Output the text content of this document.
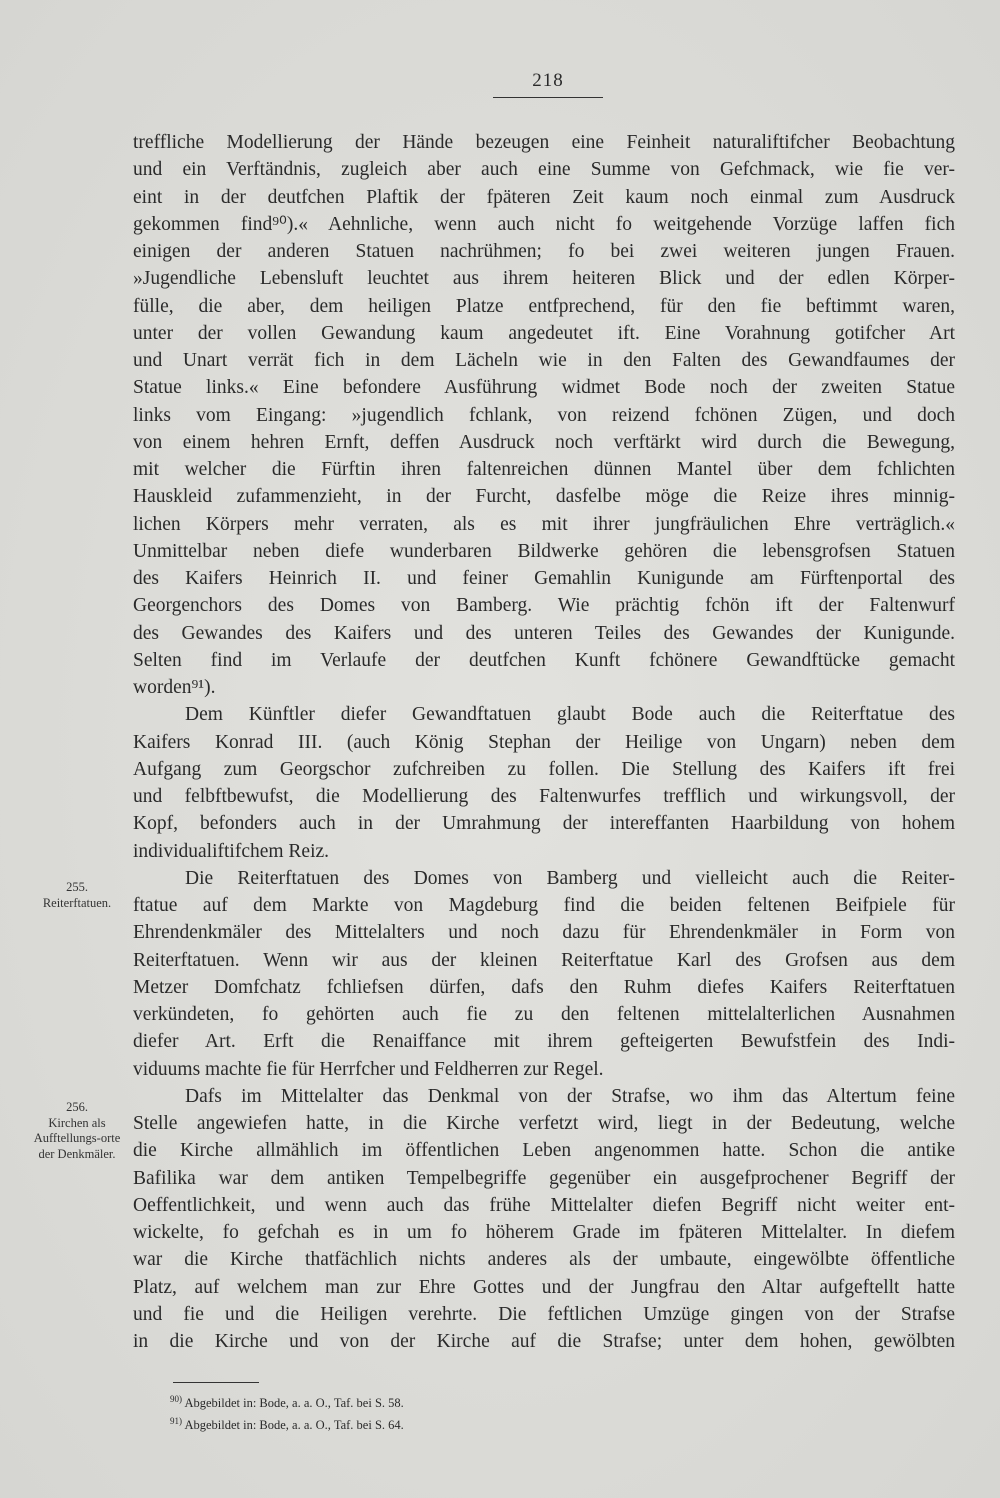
218
treffliche Modellierung der Hände bezeugen eine Feinheit naturaliftifcher Beobachtung
und ein Verftändnis, zugleich aber auch eine Summe von Gefchmack, wie fie ver-
eint in der deutfchen Plaftik der fpäteren Zeit kaum noch einmal zum Ausdruck
gekommen find⁹⁰).« Aehnliche, wenn auch nicht fo weitgehende Vorzüge laffen fich
einigen der anderen Statuen nachrühmen; fo bei zwei weiteren jungen Frauen.
»Jugendliche Lebensluft leuchtet aus ihrem heiteren Blick und der edlen Körper-
fülle, die aber, dem heiligen Platze entfprechend, für den fie beftimmt waren,
unter der vollen Gewandung kaum angedeutet ift. Eine Vorahnung gotifcher Art
und Unart verrät fich in dem Lächeln wie in den Falten des Gewandfaumes der
Statue links.« Eine befondere Ausführung widmet Bode noch der zweiten Statue
links vom Eingang: »jugendlich fchlank, von reizend fchönen Zügen, und doch
von einem hehren Ernft, deffen Ausdruck noch verftärkt wird durch die Bewegung,
mit welcher die Fürftin ihren faltenreichen dünnen Mantel über dem fchlichten
Hauskleid zufammenzieht, in der Furcht, dasfelbe möge die Reize ihres minnig-
lichen Körpers mehr verraten, als es mit ihrer jungfräulichen Ehre verträglich.«
Unmittelbar neben diefe wunderbaren Bildwerke gehören die lebensgrofsen Statuen
des Kaifers Heinrich II. und feiner Gemahlin Kunigunde am Fürftenportal des
Georgenchors des Domes von Bamberg. Wie prächtig fchön ift der Faltenwurf
des Gewandes des Kaifers und des unteren Teiles des Gewandes der Kunigunde.
Selten find im Verlaufe der deutfchen Kunft fchönere Gewandftücke gemacht
worden⁹¹).
Dem Künftler diefer Gewandftatuen glaubt Bode auch die Reiterftatue des
Kaifers Konrad III. (auch König Stephan der Heilige von Ungarn) neben dem
Aufgang zum Georgschor zufchreiben zu follen. Die Stellung des Kaifers ift frei
und felbftbewufst, die Modellierung des Faltenwurfes trefflich und wirkungsvoll, der
Kopf, befonders auch in der Umrahmung der intereffanten Haarbildung von hohem
individualiftifchem Reiz.
Die Reiterftatuen des Domes von Bamberg und vielleicht auch die Reiter-
ftatue auf dem Markte von Magdeburg find die beiden feltenen Beifpiele für
Ehrendenkmäler des Mittelalters und noch dazu für Ehrendenkmäler in Form von
Reiterftatuen. Wenn wir aus der kleinen Reiterftatue Karl des Grofsen aus dem
Metzer Domfchatz fchliefsen dürfen, dafs den Ruhm diefes Kaifers Reiterftatuen
verkündeten, fo gehörten auch fie zu den feltenen mittelalterlichen Ausnahmen
diefer Art. Erft die Renaiffance mit ihrem gefteigerten Bewufstfein des Indi-
viduums machte fie für Herrfcher und Feldherren zur Regel.
Dafs im Mittelalter das Denkmal von der Strafse, wo ihm das Altertum feine
Stelle angewiefen hatte, in die Kirche verfetzt wird, liegt in der Bedeutung, welche
die Kirche allmählich im öffentlichen Leben angenommen hatte. Schon die antike
Bafilika war dem antiken Tempelbegriffe gegenüber ein ausgefprochener Begriff der
Oeffentlichkeit, und wenn auch das frühe Mittelalter diefen Begriff nicht weiter ent-
wickelte, fo gefchah es in um fo höherem Grade im fpäteren Mittelalter. In diefem
war die Kirche thatfächlich nichts anderes als der umbaute, eingewölbte öffentliche
Platz, auf welchem man zur Ehre Gottes und der Jungfrau den Altar aufgeftellt hatte
und fie und die Heiligen verehrte. Die feftlichen Umzüge gingen von der Strafse
in die Kirche und von der Kirche auf die Strafse; unter dem hohen, gewölbten
255.
Reiterftatuen.
256.
Kirchen als Aufftellungs-orte der Denkmäler.
$^{90)}$ Abgebildet in: Bode, a. a. O., Taf. bei S. 58.
$^{91)}$ Abgebildet in: Bode, a. a. O., Taf. bei S. 64.
